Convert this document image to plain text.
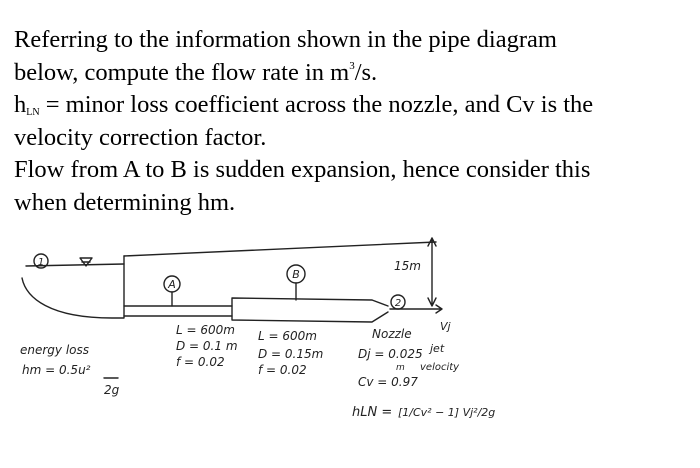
Referring to the information shown in the pipe diagram

below, compute the flow rate in $m^3/s$.

$h_{LN}$ = minor loss coefficient across the nozzle, and Cv is the

velocity correction factor.

Flow from A to B is sudden expansion, hence consider this

when determining hm.

1
A
B
2
15m
energy loss
hm = 0.5u²
2g
L = 600m
D = 0.1 m
f = 0.02
L = 600m
D = 0.15m
f = 0.02
Nozzle
Dj = 0.025
m
Cv = 0.97
Vj
jet
velocity
hLN = [1/Cv² − 1] Vj²/2g
